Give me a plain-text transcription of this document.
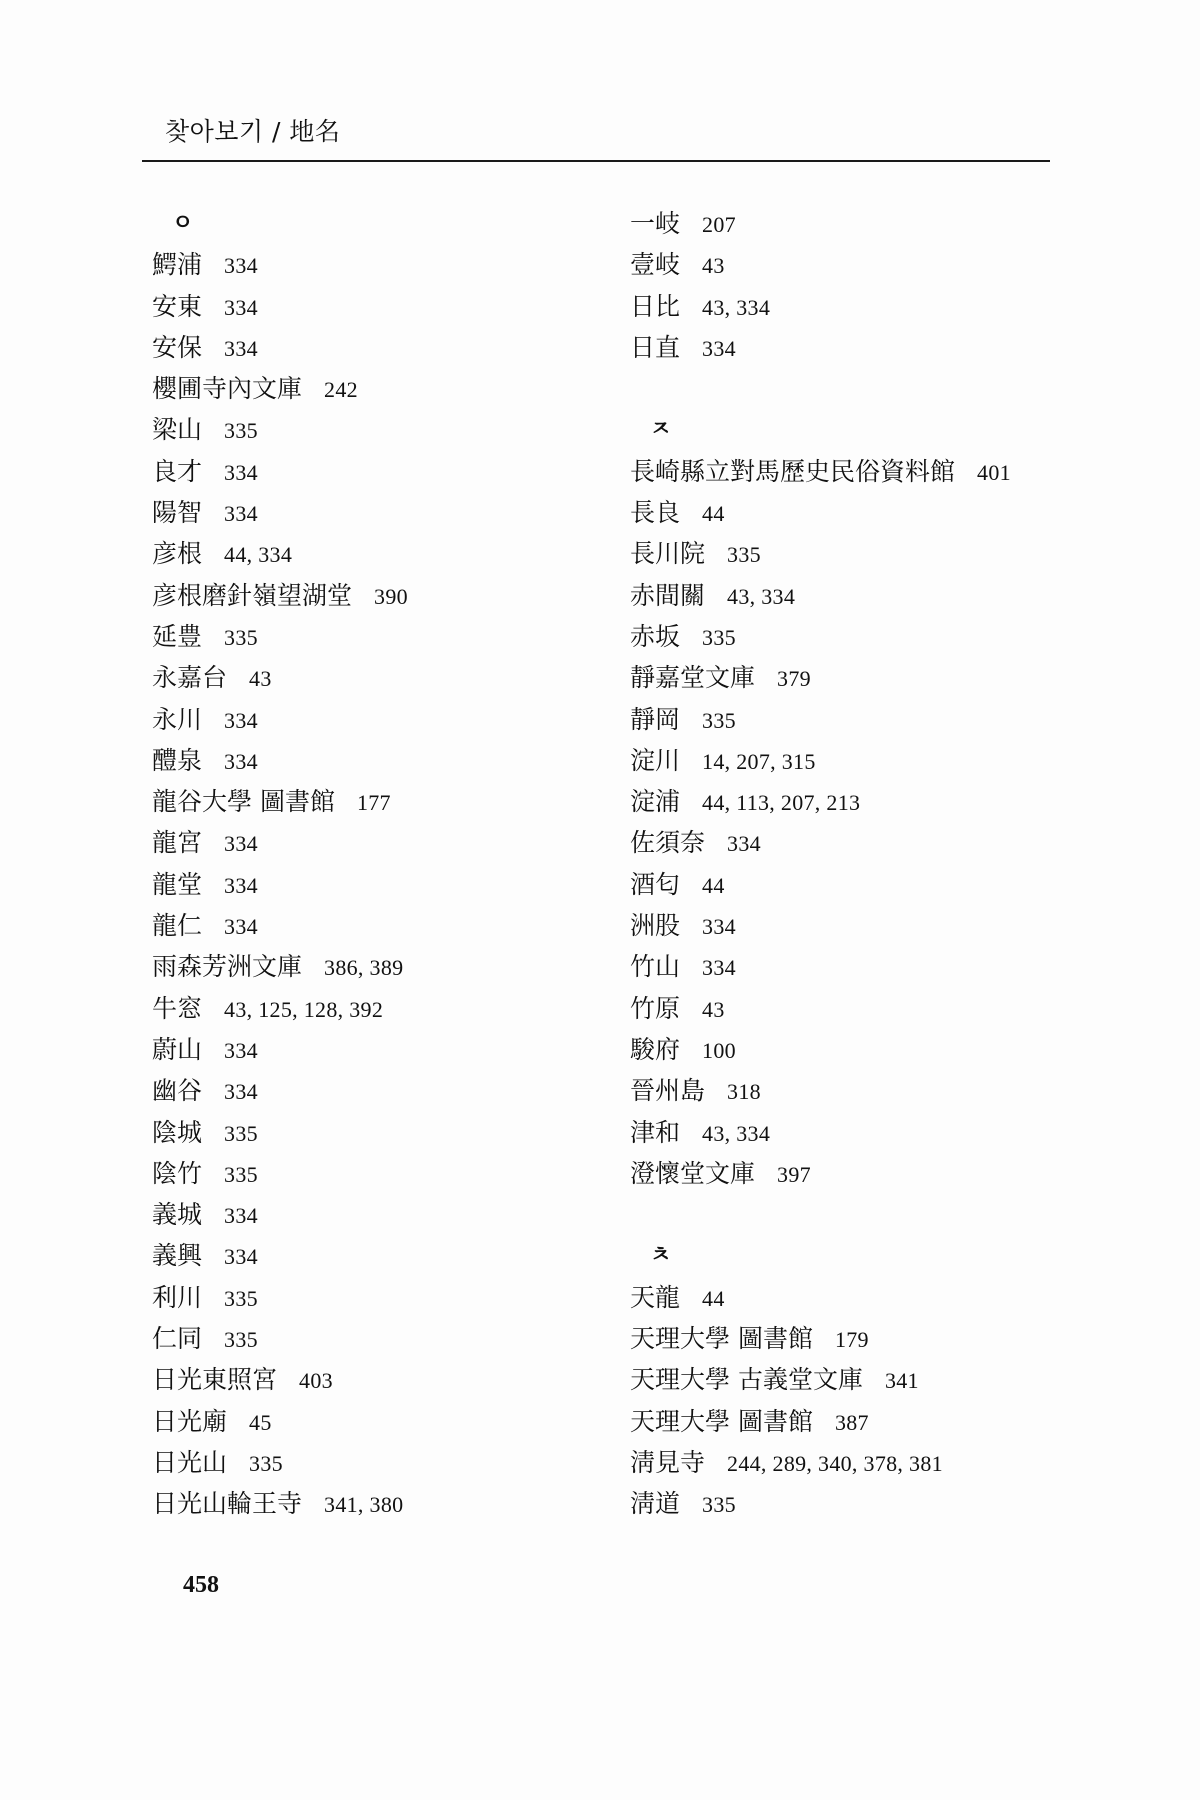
찾아보기 / 地名
ㅇ
鰐浦 334
安東 334
安保 334
櫻圃寺內文庫 242
梁山 335
良才 334
陽智 334
彦根 44, 334
彦根磨針嶺望湖堂 390
延豊 335
永嘉台 43
永川 334
醴泉 334
龍谷大學 圖書館 177
龍宮 334
龍堂 334
龍仁 334
雨森芳洲文庫 386, 389
牛窓 43, 125, 128, 392
蔚山 334
幽谷 334
陰城 335
陰竹 335
義城 334
義興 334
利川 335
仁同 335
日光東照宮 403
日光廟 45
日光山 335
日光山輪王寺 341, 380
一岐 207
壹岐 43
日比 43, 334
日直 334
ㅈ
長崎縣立對馬歷史民俗資料館 401
長良 44
長川院 335
赤間關 43, 334
赤坂 335
靜嘉堂文庫 379
靜岡 335
淀川 14, 207, 315
淀浦 44, 113, 207, 213
佐須奈 334
酒匂 44
洲股 334
竹山 334
竹原 43
駿府 100
晉州島 318
津和 43, 334
澄懷堂文庫 397
ㅊ
天龍 44
天理大學 圖書館 179
天理大學 古義堂文庫 341
天理大學 圖書館 387
淸見寺 244, 289, 340, 378, 381
淸道 335
458
